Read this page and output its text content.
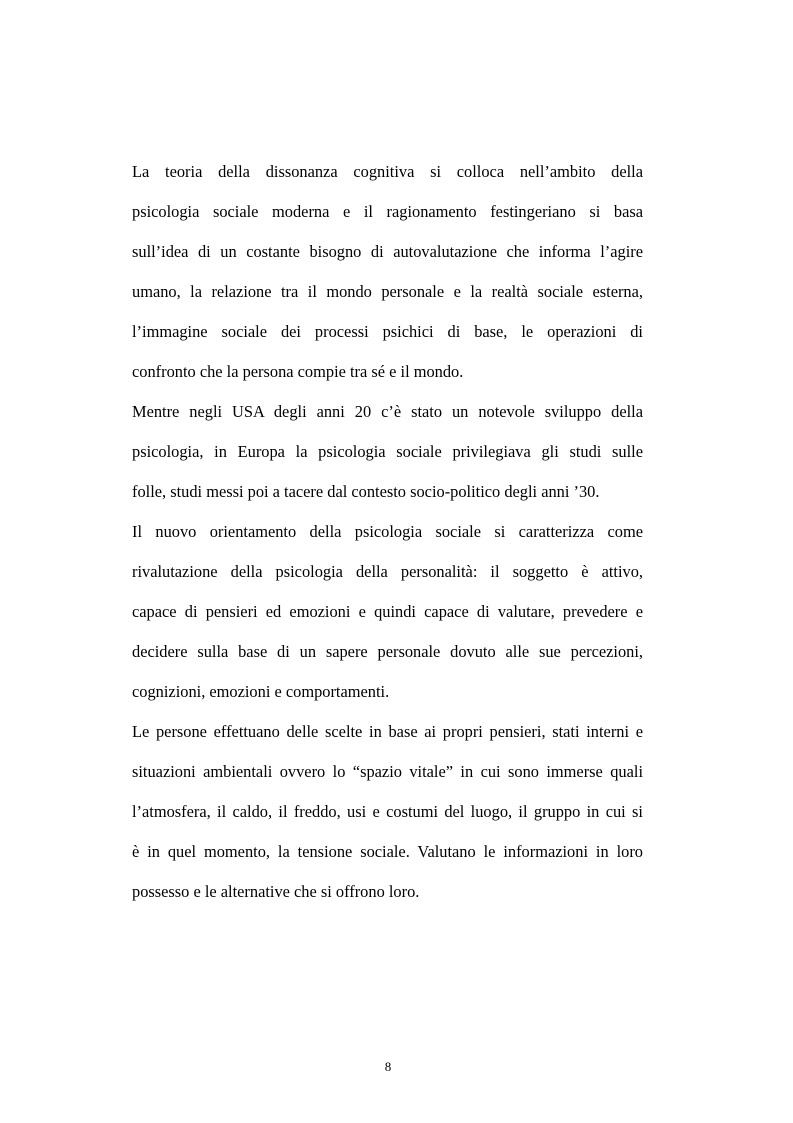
La teoria della dissonanza cognitiva si colloca nell’ambito della
psicologia sociale moderna e il ragionamento festingeriano si basa
sull’idea di un costante bisogno di autovalutazione che informa l’agire
umano, la relazione tra il mondo personale e la realtà sociale esterna,
l’immagine sociale dei processi psichici di base, le operazioni di
confronto che la persona compie tra sé e il mondo.
Mentre negli USA degli anni 20 c’è stato un notevole sviluppo della
psicologia, in Europa la psicologia sociale privilegiava gli studi sulle
folle, studi messi poi a tacere dal contesto socio-politico degli anni ’30.
Il nuovo orientamento della psicologia sociale si caratterizza come
rivalutazione della psicologia della personalità: il soggetto è attivo,
capace di pensieri ed emozioni e quindi capace di valutare, prevedere e
decidere sulla base di un sapere personale dovuto alle sue percezioni,
cognizioni, emozioni e comportamenti.
Le persone effettuano delle scelte in base ai propri pensieri, stati interni e
situazioni ambientali ovvero lo “spazio vitale” in cui sono immerse quali
l’atmosfera, il caldo, il freddo, usi e costumi del luogo, il gruppo in cui si
è in quel momento, la tensione sociale. Valutano le informazioni in loro
possesso e le alternative che si offrono loro.
8
